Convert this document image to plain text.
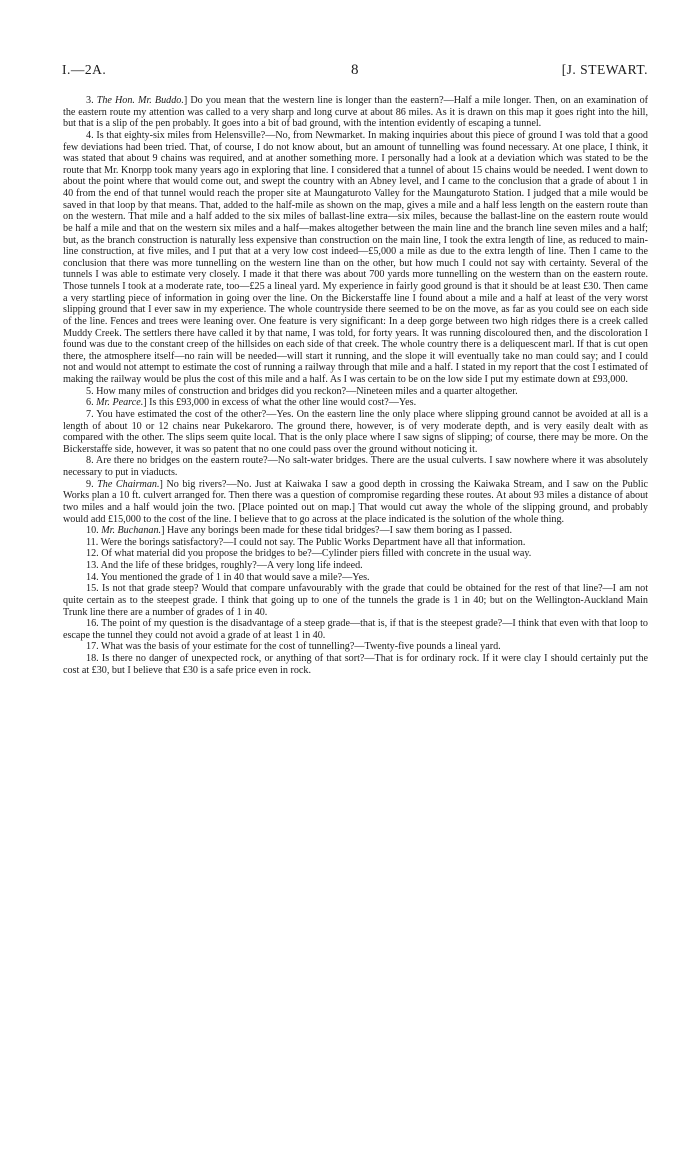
I.—2A.	8	[J. STEWART.

3. The Hon. Mr. Buddo.] Do you mean that the western line is longer than the eastern?—Half a mile longer. Then, on an examination of the eastern route my attention was called to a very sharp and long curve at about 86 miles. As it is drawn on this map it goes right into the hill, but that is a slip of the pen probably. It goes into a bit of bad ground, with the intention evidently of escaping a tunnel.

4. Is that eighty-six miles from Helensville?—No, from Newmarket. In making inquiries about this piece of ground I was told that a good few deviations had been tried. That, of course, I do not know about, but an amount of tunnelling was found necessary. At one place, I think, it was stated that about 9 chains was required, and at another something more. I personally had a look at a deviation which was stated to be the route that Mr. Knorpp took many years ago in exploring that line. I considered that a tunnel of about 15 chains would be needed. I went down to about the point where that would come out, and swept the country with an Abney level, and I came to the conclusion that a grade of about 1 in 40 from the end of that tunnel would reach the proper site at Maungaturoto Valley for the Maungaturoto Station. I judged that a mile would be saved in that loop by that means. That, added to the half-mile as shown on the map, gives a mile and a half less length on the eastern route than on the western. That mile and a half added to the six miles of ballast-line extra—six miles, because the ballast-line on the eastern route would be half a mile and that on the western six miles and a half—makes altogether between the main line and the branch line seven miles and a half; but, as the branch construction is naturally less expensive than construction on the main line, I took the extra length of line, as reduced to main-line construction, at five miles, and I put that at a very low cost indeed—£5,000 a mile as due to the extra length of line. Then I came to the conclusion that there was more tunnelling on the western line than on the other, but how much I could not say with certainty. Several of the tunnels I was able to estimate very closely. I made it that there was about 700 yards more tunnelling on the western than on the eastern route. Those tunnels I took at a moderate rate, too—£25 a lineal yard. My experience in fairly good ground is that it should be at least £30. Then came a very startling piece of information in going over the line. On the Bickerstaffe line I found about a mile and a half at least of the very worst slipping ground that I ever saw in my experience. The whole countryside there seemed to be on the move, as far as you could see on each side of the line. Fences and trees were leaning over. One feature is very significant: In a deep gorge between two high ridges there is a creek called Muddy Creek. The settlers there have called it by that name, I was told, for forty years. It was running discoloured then, and the discoloration I found was due to the constant creep of the hillsides on each side of that creek. The whole country there is a deliquescent marl. If that is cut open there, the atmosphere itself—no rain will be needed—will start it running, and the slope it will eventually take no man could say; and I could not and would not attempt to estimate the cost of running a railway through that mile and a half. I stated in my report that the cost I estimated of making the railway would be plus the cost of this mile and a half. As I was certain to be on the low side I put my estimate down at £93,000.

5. How many miles of construction and bridges did you reckon?—Nineteen miles and a quarter altogether.

6. Mr. Pearce.] Is this £93,000 in excess of what the other line would cost?—Yes.

7. You have estimated the cost of the other?—Yes. On the eastern line the only place where slipping ground cannot be avoided at all is a length of about 10 or 12 chains near Pukekaroro. The ground there, however, is of very moderate depth, and is very easily dealt with as compared with the other. The slips seem quite local. That is the only place where I saw signs of slipping; of course, there may be more. On the Bickerstaffe side, however, it was so patent that no one could pass over the ground without noticing it.

8. Are there no bridges on the eastern route?—No salt-water bridges. There are the usual culverts. I saw nowhere where it was absolutely necessary to put in viaducts.

9. The Chairman.] No big rivers?—No. Just at Kaiwaka I saw a good depth in crossing the Kaiwaka Stream, and I saw on the Public Works plan a 10 ft. culvert arranged for. Then there was a question of compromise regarding these routes. At about 93 miles a distance of about two miles and a half would join the two. [Place pointed out on map.] That would cut away the whole of the slipping ground, and probably would add £15,000 to the cost of the line. I believe that to go across at the place indicated is the solution of the whole thing.

10. Mr. Buchanan.] Have any borings been made for these tidal bridges?—I saw them boring as I passed.

11. Were the borings satisfactory?—I could not say. The Public Works Department have all that information.

12. Of what material did you propose the bridges to be?—Cylinder piers filled with concrete in the usual way.

13. And the life of these bridges, roughly?—A very long life indeed.

14. You mentioned the grade of 1 in 40 that would save a mile?—Yes.

15. Is not that grade steep? Would that compare unfavourably with the grade that could be obtained for the rest of that line?—I am not quite certain as to the steepest grade. I think that going up to one of the tunnels the grade is 1 in 40; but on the Wellington-Auckland Main Trunk line there are a number of grades of 1 in 40.

16. The point of my question is the disadvantage of a steep grade—that is, if that is the steepest grade?—I think that even with that loop to escape the tunnel they could not avoid a grade of at least 1 in 40.

17. What was the basis of your estimate for the cost of tunnelling?—Twenty-five pounds a lineal yard.

18. Is there no danger of unexpected rock, or anything of that sort?—That is for ordinary rock. If it were clay I should certainly put the cost at £30, but I believe that £30 is a safe price even in rock.
